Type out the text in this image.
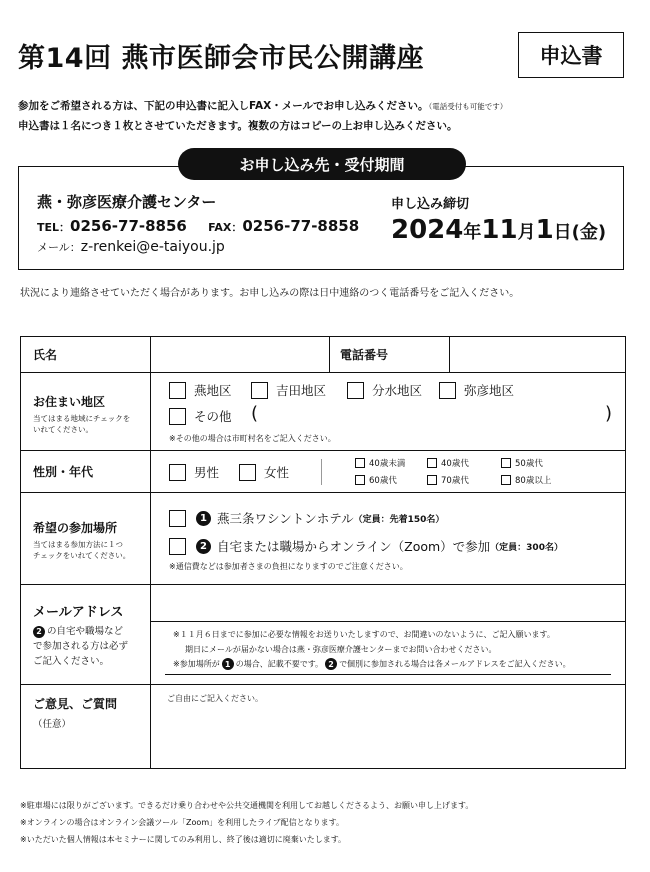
第14回 燕市医師会市民公開講座	申込書
参加をご希望される方は、下記の申込書に記入しFAX・メールでお申し込みください。（電話受付も可能です）
申込書は１名につき１枚とさせていただきます。複数の方はコピーの上お申し込みください。
燕・弥彦医療介護センター
TEL：0256-77-8856 FAX：0256-77-8858
メール：z-renkei@e-taiyou.jp
申し込み締切
2024年11月1日(金)
お申し込み先・受付期間
状況により連絡させていただく場合があります。お申し込みの際は日中連絡のつく電話番号をご記入ください。
氏名	電話番号
お住まい地区
当てはまる地域にチェックを
いれてください。
燕地区	吉田地区	分水地区	弥彦地区
その他 (	)
※その他の場合は市町村名をご記入ください。
性別・年代	男性	女性
40歳未満	40歳代	50歳代
60歳代	70歳代	80歳以上
希望の参加場所
当てはまる参加方法に１つ
チェックをいれてください。
1 燕三条ワシントンホテル （定員：先着150名）
2 自宅または職場からオンライン（Zoom）で参加 （定員：300名）
※通信費などは参加者さまの負担になりますのでご注意ください。
メールアドレス
2 の自宅や職場など
で参加される方は必ず
ご記入ください。
※１１月６日までに参加に必要な情報をお送りいたしますので、お間違いのないように、ご記入願います。
期日にメールが届かない場合は燕・弥彦医療介護センターまでお問い合わせください。
※参加場所が 1 の場合、記載不要です。 2 で個別に参加される場合は各メールアドレスをご記入ください。
ご意見、ご質問
（任意）
ご自由にご記入ください。
※駐車場には限りがございます。できるだけ乗り合わせや公共交通機関を利用してお越しくださるよう、お願い申し上げます。
※オンラインの場合はオンライン会議ツール「Zoom」を利用したライブ配信となります。
※いただいた個人情報は本セミナーに関してのみ利用し、終了後は適切に廃棄いたします。
